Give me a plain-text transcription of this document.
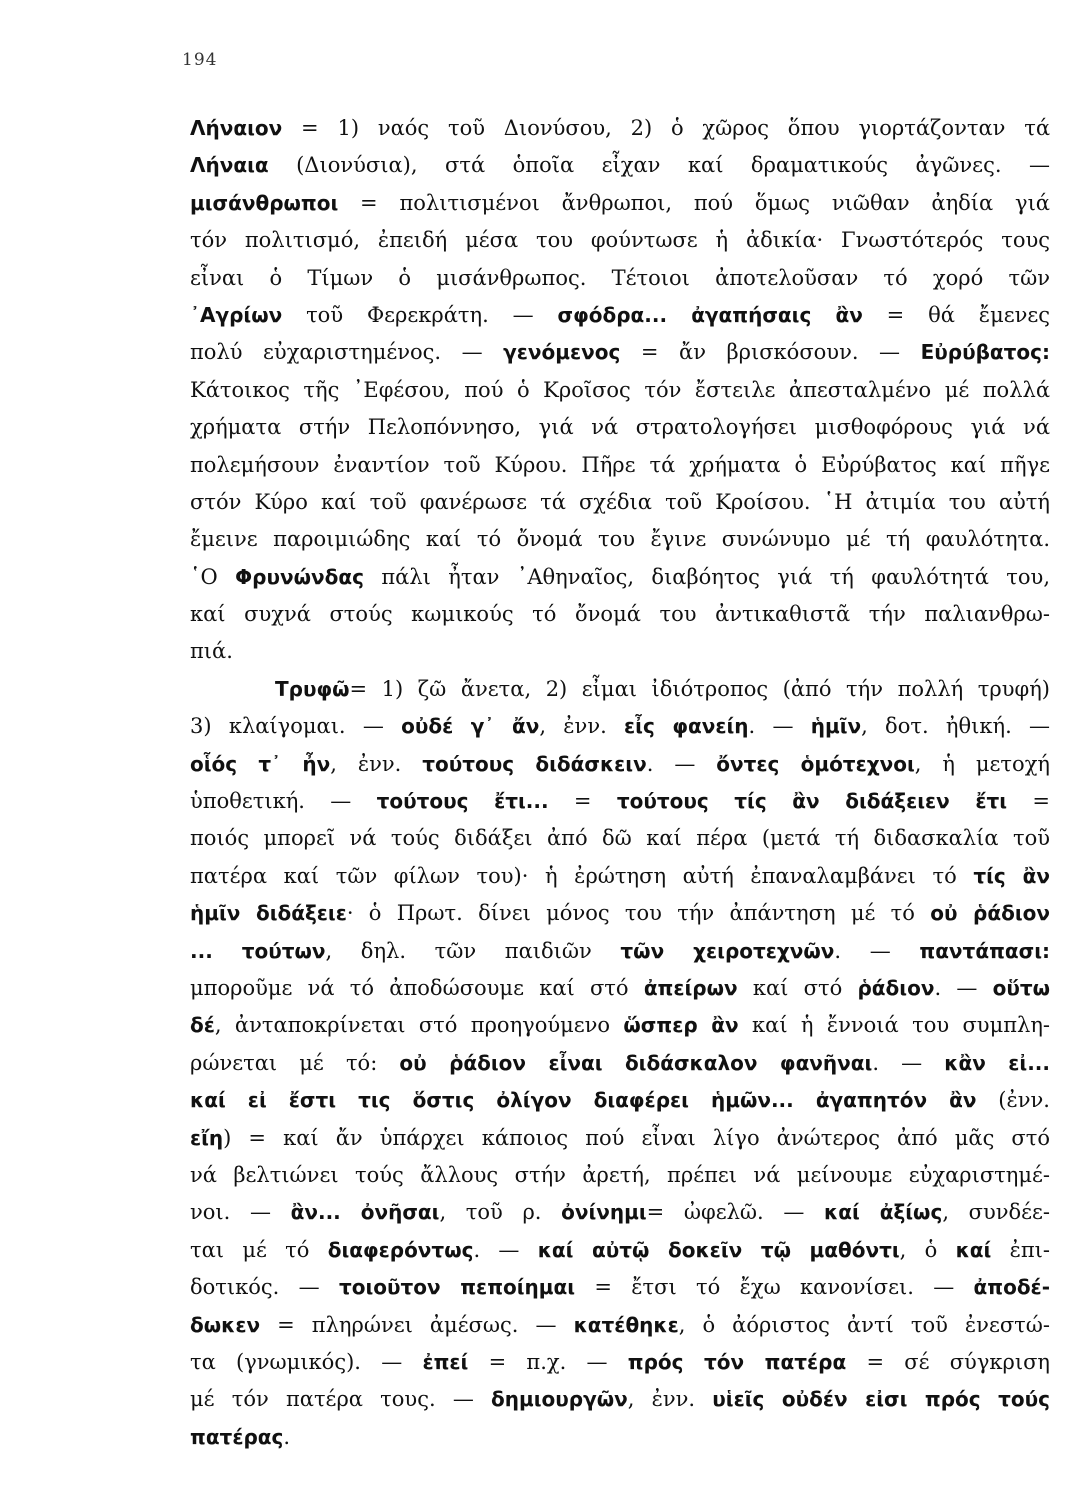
194
Λήναιον = 1) ναός τοῦ Διονύσου, 2) ὁ χῶρος ὅπου γιορτάζονταν τά
Λήναια (Διονύσια), στά ὁποῖα εἶχαν καί δραματικούς ἀγῶνες. —
μισάνθρωποι = πολιτισμένοι ἄνθρωποι, πού ὅμως νιῶθαν ἀηδία γιά
τόν πολιτισμό, ἐπειδή μέσα του φούντωσε ἡ ἀδικία· Γνωστότερός τους
εἶναι ὁ Τίμων ὁ μισάνθρωπος. Τέτοιοι ἀποτελοῦσαν τό χορό τῶν
᾿Αγρίων τοῦ Φερεκράτη. — σφόδρα... ἀγαπήσαις ἂν = θά ἔμενες
πολύ εὐχαριστημένος. — γενόμενος = ἄν βρισκόσουν. — Εὐρύβατος:
Κάτοικος τῆς ᾿Εφέσου, πού ὁ Κροῖσος τόν ἔστειλε ἀπεσταλμένο μέ πολλά
χρήματα στήν Πελοπόννησο, γιά νά στρατολογήσει μισθοφόρους γιά νά
πολεμήσουν ἐναντίον τοῦ Κύρου. Πῆρε τά χρήματα ὁ Εὐρύβατος καί πῆγε
στόν Κύρο καί τοῦ φανέρωσε τά σχέδια τοῦ Κροίσου. ῾Η ἀτιμία του αὐτή
ἔμεινε παροιμιώδης καί τό ὄνομά του ἔγινε συνώνυμο μέ τή φαυλότητα.
῾Ο Φρυνώνδας πάλι ἦταν ᾿Αθηναῖος, διαβόητος γιά τή φαυλότητά του,
καί συχνά στούς κωμικούς τό ὄνομά του ἀντικαθιστᾶ τήν παλιανθρω-
πιά.
Τρυφῶ= 1) ζῶ ἄνετα, 2) εἶμαι ἰδιότροπος (ἀπό τήν πολλή τρυφή)
3) κλαίγομαι. — οὐδέ γ᾿ ἄν, ἐνν. εἶς φανείη. — ἡμῖν, δοτ. ἠθική. —
οἷός τ᾿ ἦν, ἐνν. τούτους διδάσκειν. — ὄντες ὁμότεχνοι, ἡ μετοχή
ὑποθετική. — τούτους ἔτι... = τούτους τίς ἂν διδάξειεν ἔτι =
ποιός μπορεῖ νά τούς διδάξει ἀπό δῶ καί πέρα (μετά τή διδασκαλία τοῦ
πατέρα καί τῶν φίλων του)· ἡ ἐρώτηση αὐτή ἐπαναλαμβάνει τό τίς ἂν
ἡμῖν διδάξειε· ὁ Πρωτ. δίνει μόνος του τήν ἀπάντηση μέ τό οὐ ῥάδιον
... τούτων, δηλ. τῶν παιδιῶν τῶν χειροτεχνῶν. — παντάπασι:
μποροῦμε νά τό ἀποδώσουμε καί στό ἀπείρων καί στό ῥάδιον. — οὕτω
δέ, ἀνταποκρίνεται στό προηγούμενο ὥσπερ ἂν καί ἡ ἔννοιά του συμπλη-
ρώνεται μέ τό: οὐ ῥάδιον εἶναι διδάσκαλον φανῆναι. — κἂν εἰ...
καί εἰ ἔστι τις ὅστις ὀλίγον διαφέρει ἡμῶν... ἀγαπητόν ἂν (ἐνν.
εἴη) = καί ἄν ὑπάρχει κάποιος πού εἶναι λίγο ἀνώτερος ἀπό μᾶς στό
νά βελτιώνει τούς ἄλλους στήν ἀρετή, πρέπει νά μείνουμε εὐχαριστημέ-
νοι. — ἂν... ὀνῆσαι, τοῦ ρ. ὀνίνημι= ὠφελῶ. — καί ἀξίως, συνδέε-
ται μέ τό διαφερόντως. — καί αὐτῷ δοκεῖν τῷ μαθόντι, ὁ καί ἐπι-
δοτικός. — τοιοῦτον πεποίημαι = ἔτσι τό ἔχω κανονίσει. — ἀποδέ-
δωκεν = πληρώνει ἀμέσως. — κατέθηκε, ὁ ἀόριστος ἀντί τοῦ ἐνεστώ-
τα (γνωμικός). — ἐπεί = π.χ. — πρός τόν πατέρα = σέ σύγκριση
μέ τόν πατέρα τους. — δημιουργῶν, ἐνν. υἱεῖς οὐδέν εἰσι πρός τούς
πατέρας.
